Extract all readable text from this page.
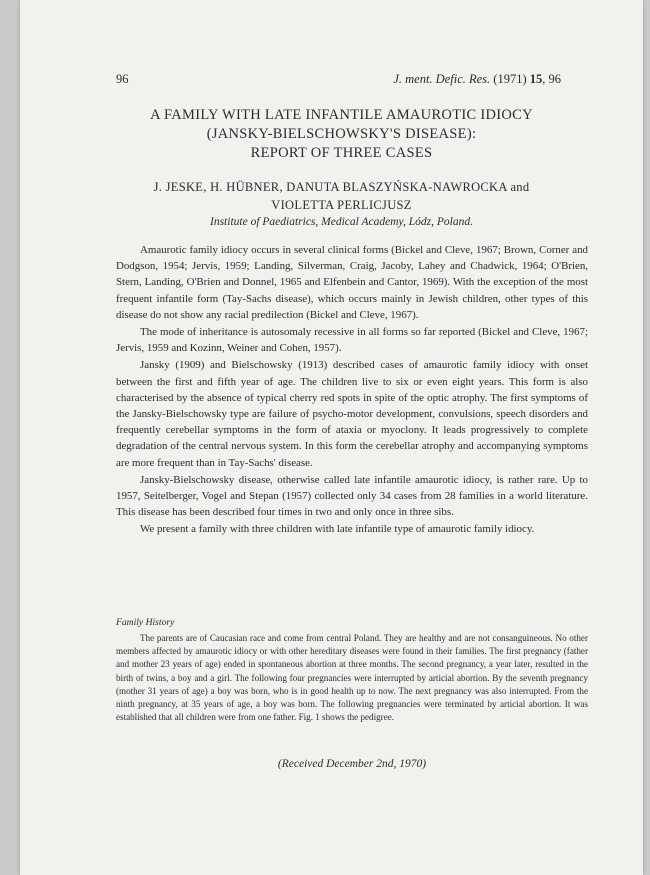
96	J. ment. Defic. Res. (1971) 15, 96
A FAMILY WITH LATE INFANTILE AMAUROTIC IDIOCY
(JANSKY-BIELSCHOWSKY'S DISEASE):
REPORT OF THREE CASES
J. JESKE, H. HÜBNER, DANUTA BLASZYŃSKA-NAWROCKA and
VIOLETTA PERLICJUSZ
Institute of Paediatrics, Medical Academy, Lódz, Poland.

Amaurotic family idiocy occurs in several clinical forms (Bickel and Cleve, 1967; Brown, Corner and Dodgson, 1954; Jervis, 1959; Landing, Silverman, Craig, Jacoby, Lahey and Chadwick, 1964; O'Brien, Stern, Landing, O'Brien and Donnel, 1965 and Elfenbein and Cantor, 1969). With the exception of the most frequent infantile form (Tay-Sachs disease), which occurs mainly in Jewish children, other types of this disease do not show any racial predilection (Bickel and Cleve, 1967).

The mode of inheritance is autosomaly recessive in all forms so far reported (Bickel and Cleve, 1967; Jervis, 1959 and Kozinn, Weiner and Cohen, 1957).

Jansky (1909) and Bielschowsky (1913) described cases of amaurotic family idiocy with onset between the first and fifth year of age. The children live to six or even eight years. This form is also characterised by the absence of typical cherry red spots in spite of the optic atrophy. The first symptoms of the Jansky-Bielschowsky type are failure of psycho-motor development, convulsions, speech disorders and frequently cerebellar symptoms in the form of ataxia or myoclony. It leads progressively to complete degradation of the central nervous system. In this form the cerebellar atrophy and accompanying symptoms are more frequent than in Tay-Sachs' disease.

Jansky-Bielschowsky disease, otherwise called late infantile amaurotic idiocy, is rather rare. Up to 1957, Seitelberger, Vogel and Stepan (1957) collected only 34 cases from 28 families in a world literature. This disease has been described four times in two and only once in three sibs.

We present a family with three children with late infantile type of amaurotic family idiocy.

Family History

The parents are of Caucasian race and come from central Poland. They are healthy and are not consanguineous. No other members affected by amaurotic idiocy or with other hereditary diseases were found in their families. The first pregnancy (father and mother 23 years of age) ended in spontaneous abortion at three months. The second pregnancy, a year later, resulted in the birth of twins, a boy and a girl. The following four pregnancies were interrupted by articial abortion. By the seventh pregnancy (mother 31 years of age) a boy was born, who is in good health up to now. The next pregnancy was also interrupted. From the ninth pregnancy, at 35 years of age, a boy was born. The following pregnancies were terminated by articial abortion. It was established that all children were from one father. Fig. 1 shows the pedigree.

(Received December 2nd, 1970)
